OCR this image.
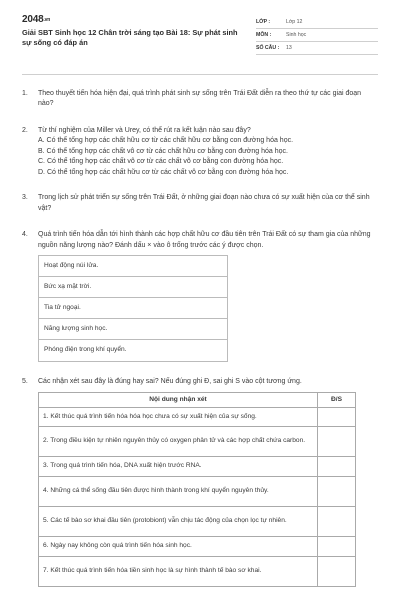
2048.vn
Giải SBT Sinh học 12 Chân trời sáng tạo Bài 18: Sự phát sinh sự sống có đáp án
LỚP :	Lớp 12
MÔN :	Sinh học
SỐ CÂU :	13
1.	Theo thuyết tiến hóa hiện đại, quá trình phát sinh sự sống trên Trái Đất diễn ra theo thứ tự các giai đoạn nào?
2.	Từ thí nghiệm của Miller và Urey, có thể rút ra kết luận nào sau đây?
A. Có thể tổng hợp các chất hữu cơ từ các chất hữu cơ bằng con đường hóa học.
B. Có thể tổng hợp các chất vô cơ từ các chất hữu cơ bằng con đường hóa học.
C. Có thể tổng hợp các chất vô cơ từ các chất vô cơ bằng con đường hóa học.
D. Có thể tổng hợp các chất hữu cơ từ các chất vô cơ bằng con đường hóa học.
3.	Trong lịch sử phát triển sự sống trên Trái Đất, ở những giai đoạn nào chưa có sự xuất hiện của cơ thể sinh vật?
4.	Quá trình tiến hóa dẫn tới hình thành các hợp chất hữu cơ đầu tiên trên Trái Đất có sự tham gia của những nguồn năng lượng nào? Đánh dấu × vào ô trống trước các ý được chọn.
Hoạt động núi lửa.
Bức xạ mặt trời.
Tia tử ngoại.
Năng lượng sinh học.
Phóng điện trong khí quyển.
5.	Các nhận xét sau đây là đúng hay sai? Nếu đúng ghi Đ, sai ghi S vào cột tương ứng.
Nội dung nhận xét	Đ/S
1. Kết thúc quá trình tiến hóa hóa học chưa có sự xuất hiện của sự sống.	
2. Trong điều kiện tự nhiên nguyên thủy có oxygen phân tử và các hợp chất chứa carbon.	
3. Trong quá trình tiến hóa, DNA xuất hiện trước RNA.	
4. Những cá thể sống đầu tiên được hình thành trong khí quyển nguyên thủy.	
5. Các tế bào sơ khai đầu tiên (protobiont) vẫn chịu tác động của chọn lọc tự nhiên.	
6. Ngày nay không còn quá trình tiến hóa sinh học.	
7. Kết thúc quá trình tiến hóa tiền sinh học là sự hình thành tế bào sơ khai.	
